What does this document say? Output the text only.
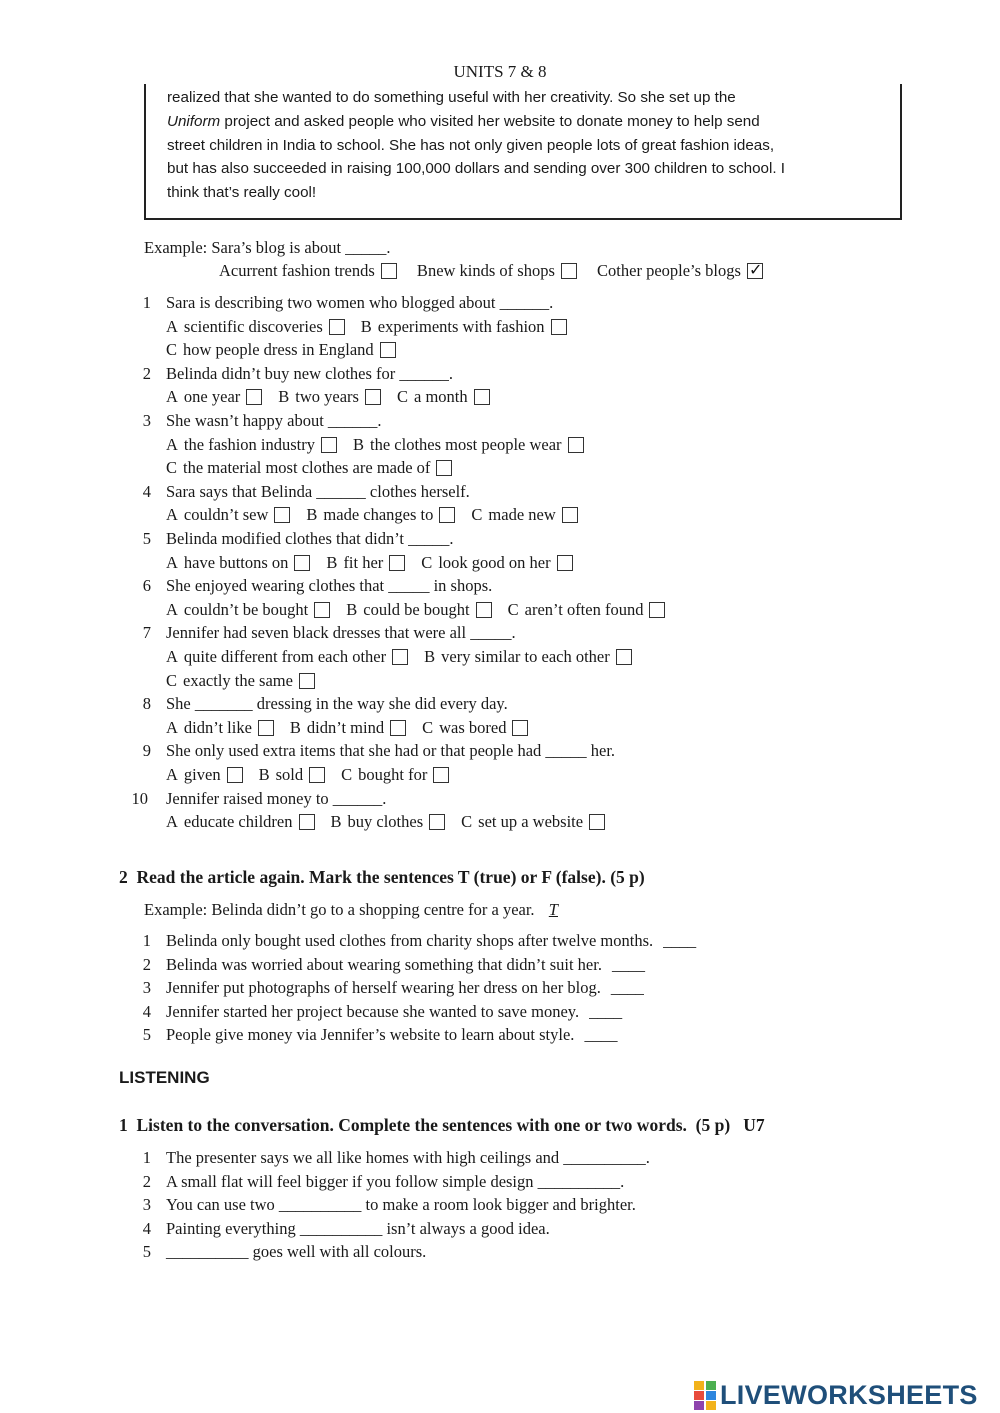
UNITS 7 & 8

realized that she wanted to do something useful with her creativity. So she set up the

Uniform project and asked people who visited her website to donate money to help send

street children in India to school. She has not only given people lots of great fashion ideas,

but has also succeeded in raising 100,000 dollars and sending over 300 children to school. I

think that’s really cool!

Example: Sara’s blog is about _____.
Acurrent fashion trends	Bnew kinds of shops	Cother people’s blogs✓
1 Sara is describing two women who blogged about ______.
A scientific discoveries B experiments with fashion
C how people dress in England
2 Belinda didn’t buy new clothes for ______.
A one year B two years C a month
3 She wasn’t happy about ______.
A the fashion industry B the clothes most people wear
C the material most clothes are made of
4 Sara says that Belinda ______ clothes herself.
A couldn’t sew B made changes to C made new
5 Belinda modified clothes that didn’t _____.
A have buttons on B fit her C look good on her
6 She enjoyed wearing clothes that _____ in shops.
A couldn’t be bought B could be bought C aren’t often found
7 Jennifer had seven black dresses that were all _____.
A quite different from each other B very similar to each other
C exactly the same
8 She _______ dressing in the way she did every day.
A didn’t like B didn’t mind C was bored
9 She only used extra items that she had or that people had _____ her.
A given B sold C bought for
10 Jennifer raised money to ______.
A educate children B buy clothes C set up a website
2 Read the article again. Mark the sentences T (true) or F (false). (5 p)
Example: Belinda didn’t go to a shopping centre for a year. T
1 Belinda only bought used clothes from charity shops after twelve months. ____
2 Belinda was worried about wearing something that didn’t suit her. ____
3 Jennifer put photographs of herself wearing her dress on her blog. ____
4 Jennifer started her project because she wanted to save money. ____
5 People give money via Jennifer’s website to learn about style. ____
LISTENING
1 Listen to the conversation. Complete the sentences with one or two words. (5 p) U7
1 The presenter says we all like homes with high ceilings and __________.
2 A small flat will feel bigger if you follow simple design __________.
3 You can use two __________ to make a room look bigger and brighter.
4 Painting everything __________ isn’t always a good idea.
5 __________ goes well with all colours.
LIVEWORKSHEETS
